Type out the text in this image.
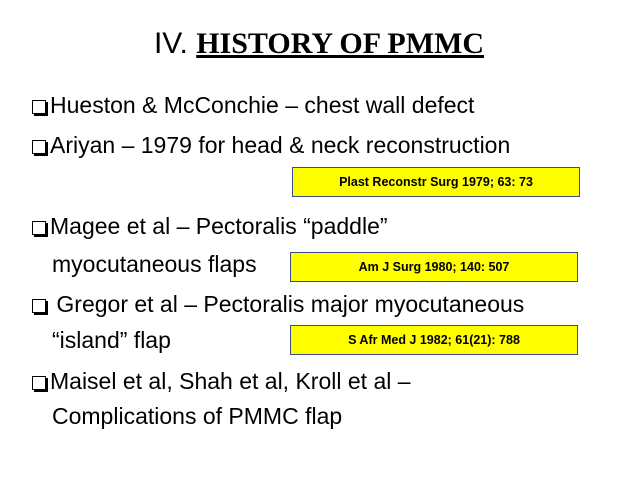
IV. HISTORY OF PMMC
Hueston & McConchie – chest wall defect
Ariyan – 1979 for head & neck reconstruction
Plast Reconstr Surg 1979; 63: 73
Magee et al – Pectoralis “paddle”
myocutaneous flaps	Am J Surg 1980; 140: 507
Gregor et al – Pectoralis major myocutaneous
“island” flap	S Afr Med J 1982; 61(21): 788
Maisel et al, Shah et al, Kroll et al –
Complications of PMMC flap
